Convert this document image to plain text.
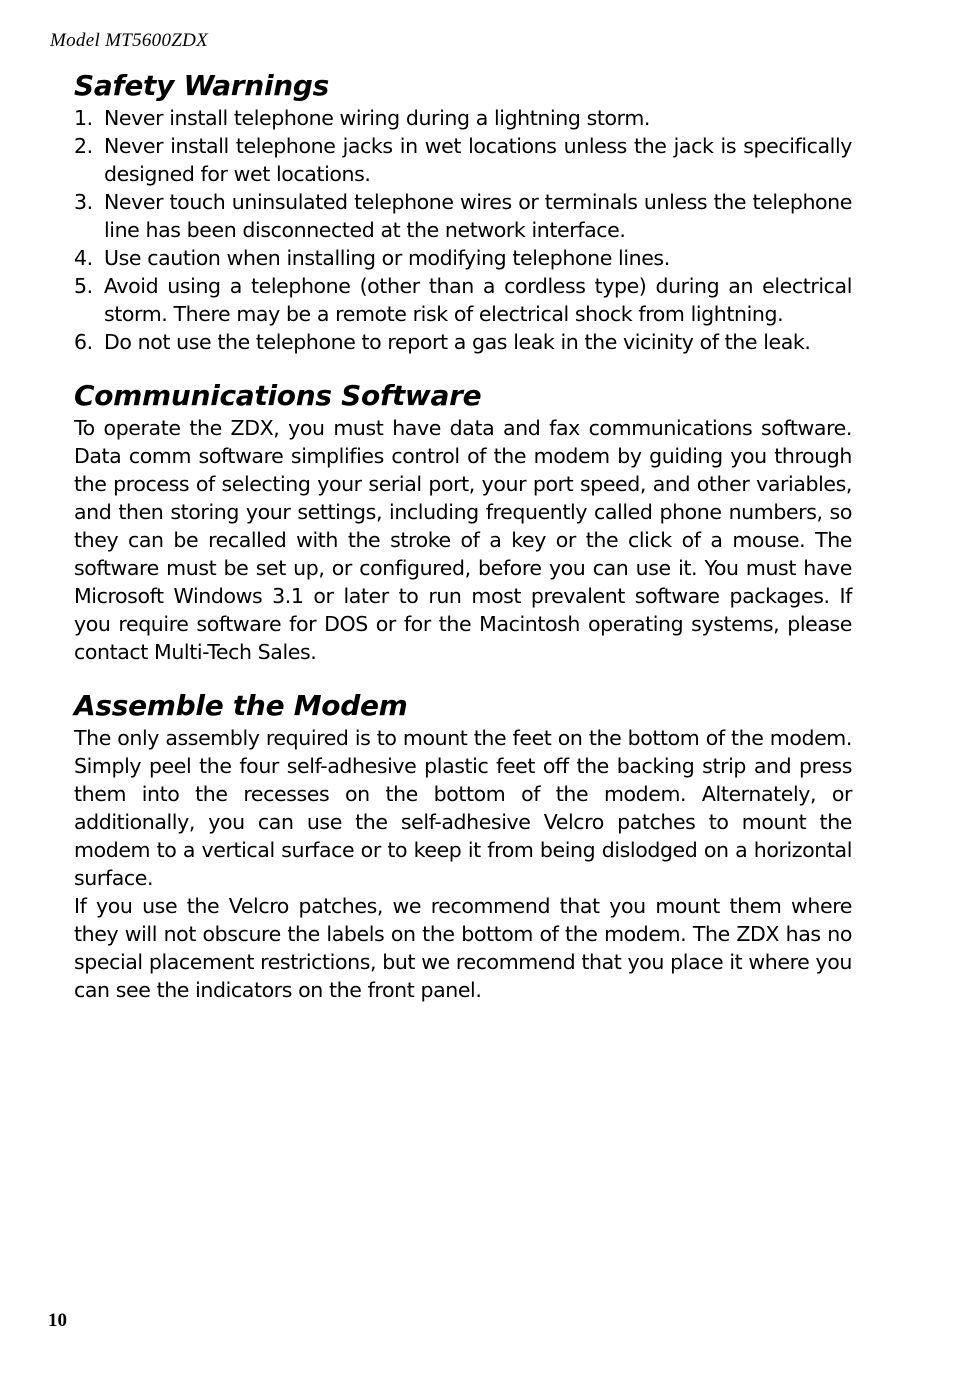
Model MT5600ZDX
Safety Warnings
1. Never install telephone wiring during a lightning storm.
2. Never install telephone jacks in wet locations unless the jack is specifically designed for wet locations.
3. Never touch uninsulated telephone wires or terminals unless the telephone line has been disconnected at the network interface.
4. Use caution when installing or modifying telephone lines.
5. Avoid using a telephone (other than a cordless type) during an electrical storm. There may be a remote risk of electrical shock from lightning.
6. Do not use the telephone to report a gas leak in the vicinity of the leak.
Communications Software

To operate the ZDX, you must have data and fax communications software. Data comm software simplifies control of the modem by guiding you through the process of selecting your serial port, your port speed, and other variables, and then storing your settings, including frequently called phone numbers, so they can be recalled with the stroke of a key or the click of a mouse. The software must be set up, or configured, before you can use it. You must have Microsoft Windows 3.1 or later to run most prevalent software packages. If you require software for DOS or for the Macintosh operating systems, please contact Multi-Tech Sales.

Assemble the Modem

The only assembly required is to mount the feet on the bottom of the modem. Simply peel the four self-adhesive plastic feet off the backing strip and press them into the recesses on the bottom of the modem. Alternately, or additionally, you can use the self-adhesive Velcro patches to mount the modem to a vertical surface or to keep it from being dislodged on a horizontal surface.

If you use the Velcro patches, we recommend that you mount them where they will not obscure the labels on the bottom of the modem. The ZDX has no special placement restrictions, but we recommend that you place it where you can see the indicators on the front panel.

10
